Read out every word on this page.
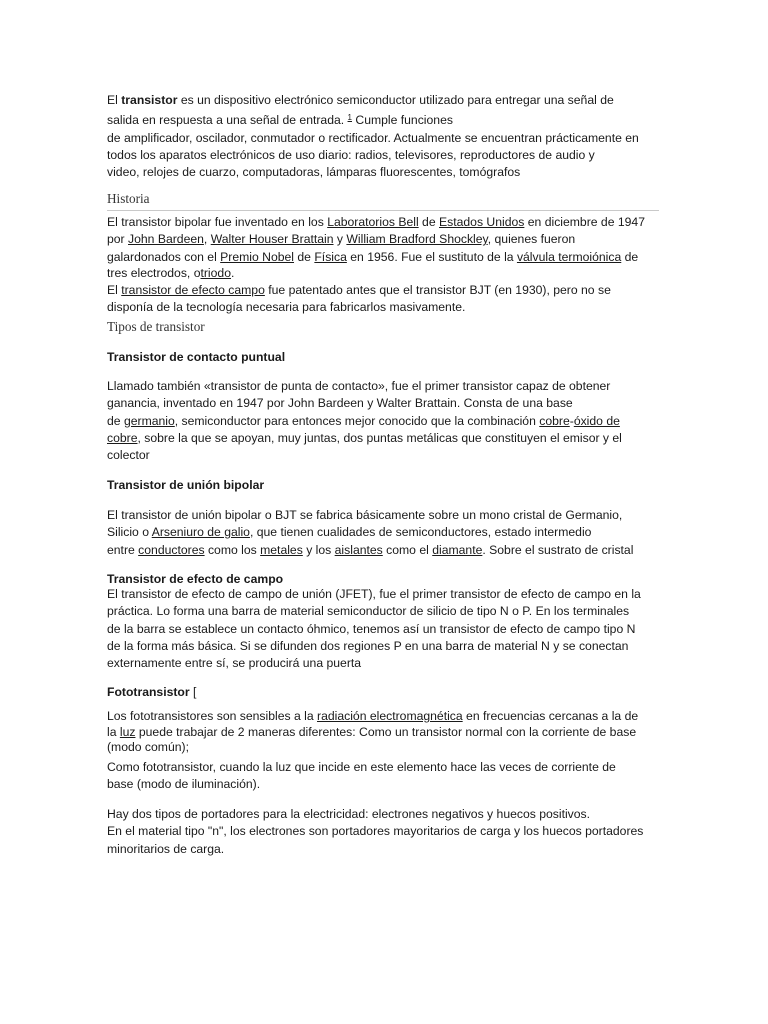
El transistor es un dispositivo electrónico semiconductor utilizado para entregar una señal de
salida en respuesta a una señal de entrada. $^1$ Cumple funciones
de amplificador, oscilador, conmutador o rectificador. Actualmente se encuentran prácticamente en
todos los aparatos electrónicos de uso diario: radios, televisores, reproductores de audio y
video, relojes de cuarzo, computadoras, lámparas fluorescentes, tomógrafos
Historia
El transistor bipolar fue inventado en los Laboratorios Bell de Estados Unidos en diciembre de 1947
por John Bardeen, Walter Houser Brattain y William Bradford Shockley, quienes fueron
galardonados con el Premio Nobel de Física en 1956. Fue el sustituto de la válvula termoiónica de
tres electrodos, otriodo.
El transistor de efecto campo fue patentado antes que el transistor BJT (en 1930), pero no se
disponía de la tecnología necesaria para fabricarlos masivamente.
Tipos de transistor
Transistor de contacto puntual
Llamado también «transistor de punta de contacto», fue el primer transistor capaz de obtener
ganancia, inventado en 1947 por John Bardeen y Walter Brattain. Consta de una base
de germanio, semiconductor para entonces mejor conocido que la combinación cobre-óxido de
cobre, sobre la que se apoyan, muy juntas, dos puntas metálicas que constituyen el emisor y el
colector
Transistor de unión bipolar
El transistor de unión bipolar o BJT se fabrica básicamente sobre un mono cristal de Germanio,
Silicio o Arseniuro de galio, que tienen cualidades de semiconductores, estado intermedio
entre conductores como los metales y los aislantes como el diamante. Sobre el sustrato de cristal
Transistor de efecto de campo
El transistor de efecto de campo de unión (JFET), fue el primer transistor de efecto de campo en la
práctica. Lo forma una barra de material semiconductor de silicio de tipo N o P. En los terminales
de la barra se establece un contacto óhmico, tenemos así un transistor de efecto de campo tipo N
de la forma más básica. Si se difunden dos regiones P en una barra de material N y se conectan
externamente entre sí, se producirá una puerta
Fototransistor [
Los fototransistores son sensibles a la radiación electromagnética en frecuencias cercanas a la de
la luz puede trabajar de 2 maneras diferentes: Como un transistor normal con la corriente de base
(modo común);
Como fototransistor, cuando la luz que incide en este elemento hace las veces de corriente de
base (modo de iluminación).
Hay dos tipos de portadores para la electricidad: electrones negativos y huecos positivos.
En el material tipo "n", los electrones son portadores mayoritarios de carga y los huecos portadores
minoritarios de carga.
